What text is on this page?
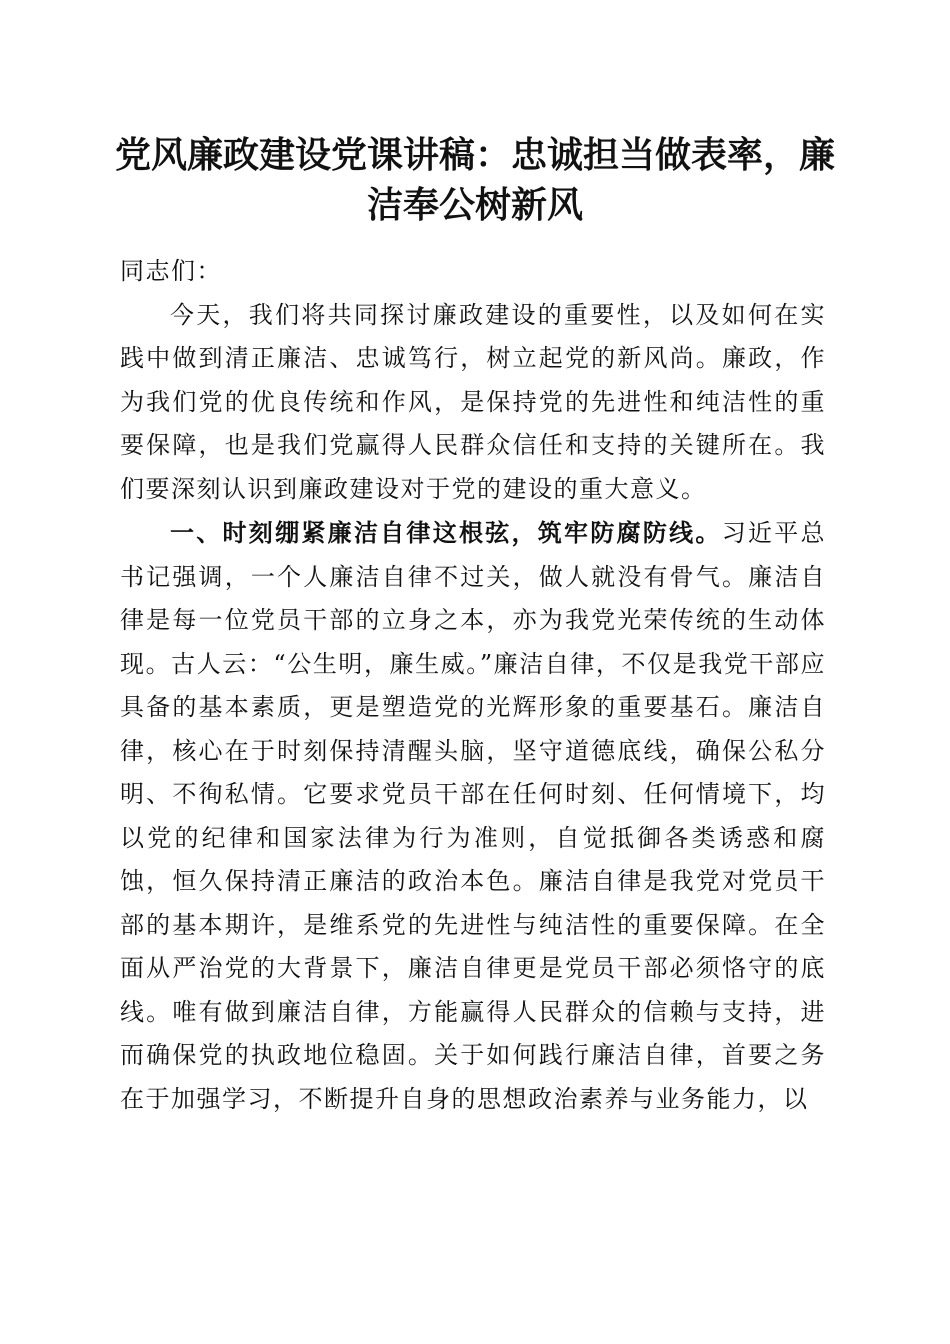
党风廉政建设党课讲稿：忠诚担当做表率，廉
洁奉公树新风

同志们：

今天，我们将共同探讨廉政建设的重要性，以及如何在实践中做到清正廉洁、忠诚笃行，树立起党的新风尚。廉政，作为我们党的优良传统和作风，是保持党的先进性和纯洁性的重要保障，也是我们党赢得人民群众信任和支持的关键所在。我们要深刻认识到廉政建设对于党的建设的重大意义。

一、时刻绷紧廉洁自律这根弦，筑牢防腐防线。习近平总书记强调，一个人廉洁自律不过关，做人就没有骨气。廉洁自律是每一位党员干部的立身之本，亦为我党光荣传统的生动体现。古人云：“公生明，廉生威。”廉洁自律，不仅是我党干部应具备的基本素质，更是塑造党的光辉形象的重要基石。廉洁自律，核心在于时刻保持清醒头脑，坚守道德底线，确保公私分明、不徇私情。它要求党员干部在任何时刻、任何情境下，均以党的纪律和国家法律为行为准则，自觉抵御各类诱惑和腐蚀，恒久保持清正廉洁的政治本色。廉洁自律是我党对党员干部的基本期许，是维系党的先进性与纯洁性的重要保障。在全面从严治党的大背景下，廉洁自律更是党员干部必须恪守的底线。唯有做到廉洁自律，方能赢得人民群众的信赖与支持，进而确保党的执政地位稳固。关于如何践行廉洁自律，首要之务在于加强学习，不断提升自身的思想政治素养与业务能力，以
